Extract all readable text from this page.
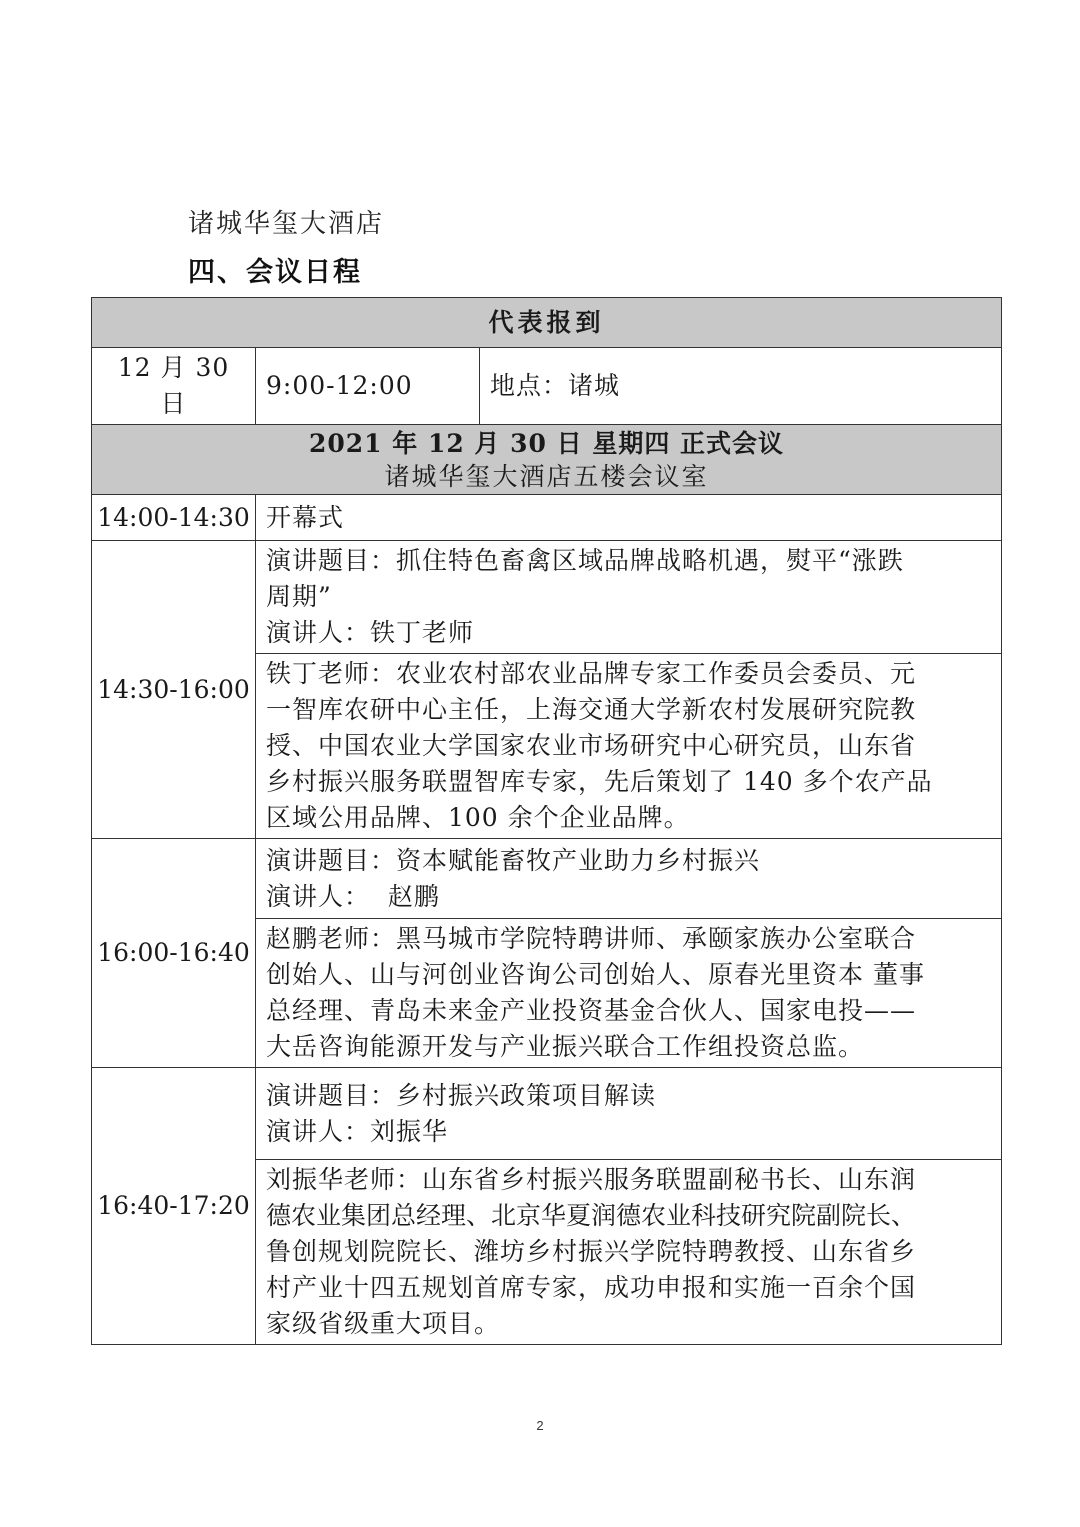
诸城华玺大酒店
四、会议日程
代表报到		
12 月 30 日	9:00-12:00	地点：诸城

2021 年 12 月 30 日 星期四 正式会议
诸城华玺大酒店五楼会议室		

14:00-14:30	开幕式	
14:30-16:00	演讲题目：抓住特色畜禽区域品牌战略机遇，熨平“涨跌
周期”
演讲人：铁丁老师	

	铁丁老师：农业农村部农业品牌专家工作委员会委员、元
一智库农研中心主任，上海交通大学新农村发展研究院教
授、中国农业大学国家农业市场研究中心研究员，山东省
乡村振兴服务联盟智库专家，先后策划了 140 多个农产品
区域公用品牌、100 余个企业品牌。	

16:00-16:40	演讲题目：资本赋能畜牧产业助力乡村振兴
演讲人：  赵鹏	

	赵鹏老师：黑马城市学院特聘讲师、承颐家族办公室联合
创始人、山与河创业咨询公司创始人、原春光里资本 董事
总经理、青岛未来金产业投资基金合伙人、国家电投——
大岳咨询能源开发与产业振兴联合工作组投资总监。	

16:40-17:20	演讲题目：乡村振兴政策项目解读
演讲人：刘振华	

	刘振华老师：山东省乡村振兴服务联盟副秘书长、山东润
德农业集团总经理、北京华夏润德农业科技研究院副院长、
鲁创规划院院长、潍坊乡村振兴学院特聘教授、山东省乡
村产业十四五规划首席专家，成功申报和实施一百余个国
家级省级重大项目。	
2
